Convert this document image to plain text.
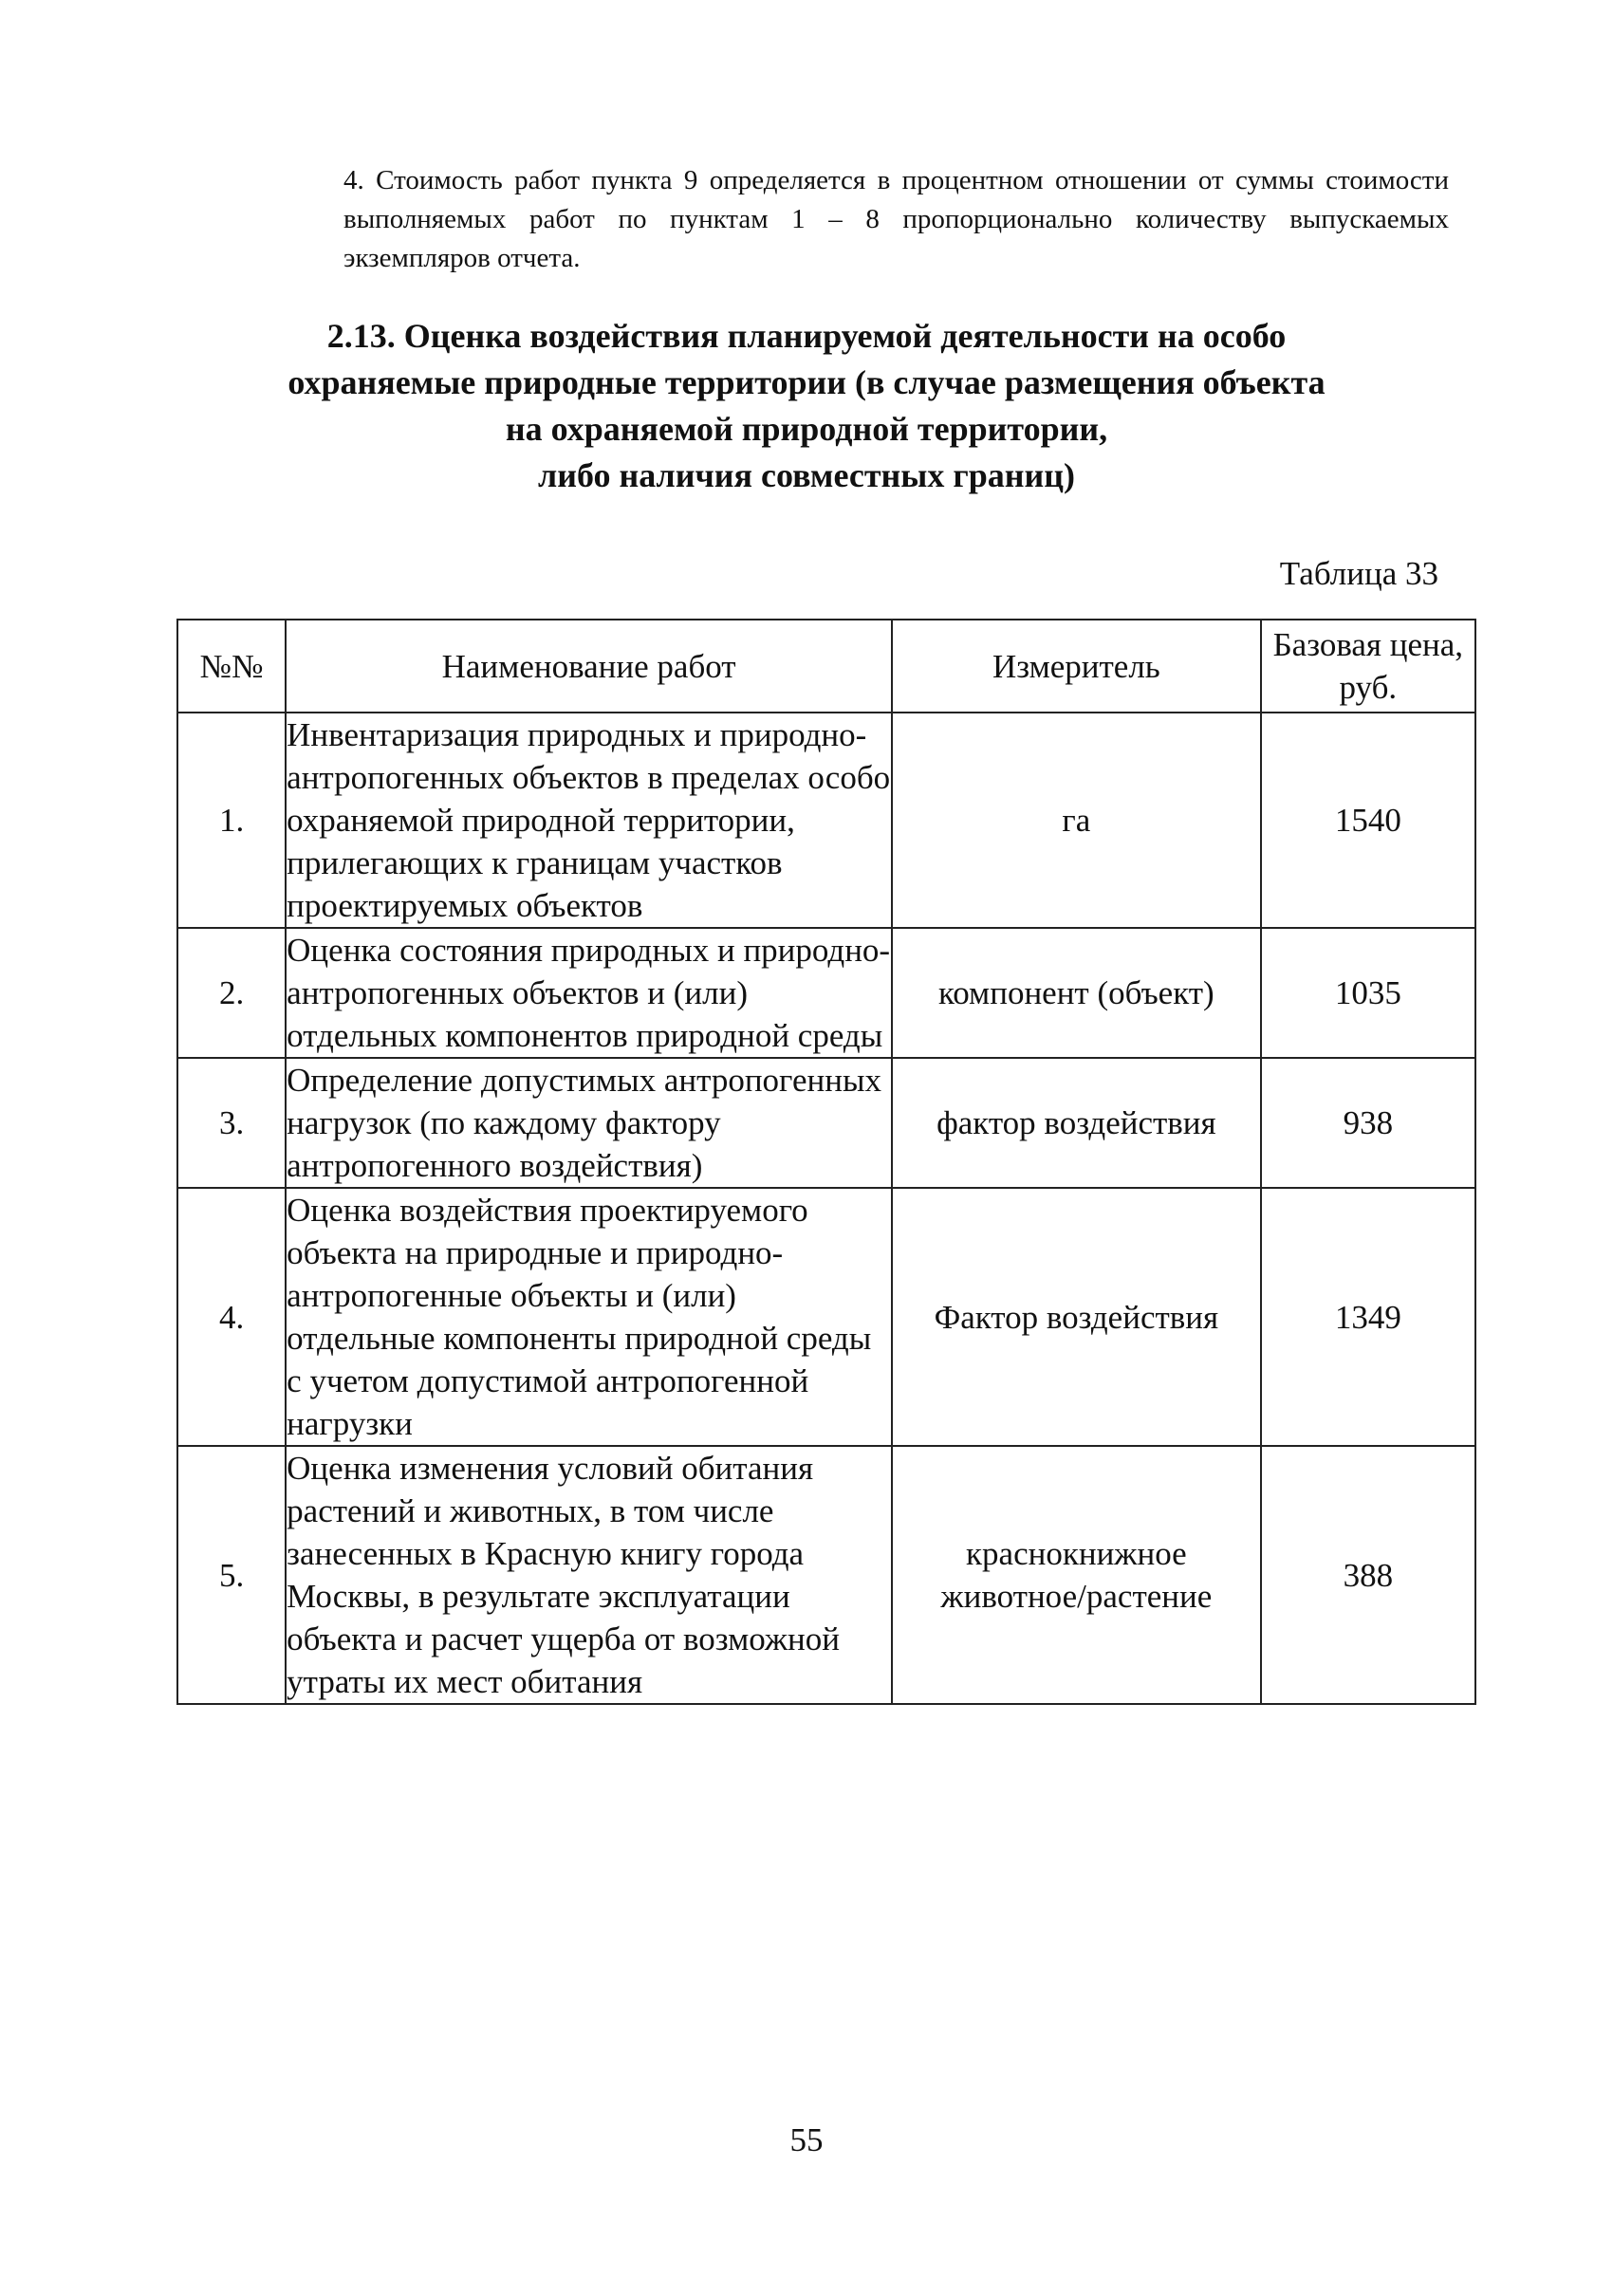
4. Стоимость работ пункта 9 определяется в процентном отношении от суммы стоимости выполняемых работ по пунктам 1 – 8 пропорционально количеству выпускаемых экземпляров отчета.

2.13. Оценка воздействия планируемой деятельности на особо
охраняемые природные территории (в случае размещения объекта
на охраняемой природной территории,
либо наличия совместных границ)
Таблица 33
№№	Наименование работ	Измеритель	Базовая цена, руб.
1.	Инвентаризация природных и природно-антропогенных объектов в пределах особо охраняемой природной территории, прилегающих к границам участков проектируемых объектов	га	1540
2.	Оценка состояния природных и природно-антропогенных объектов и (или) отдельных компонентов природной среды	компонент (объект)	1035
3.	Определение допустимых антропогенных нагрузок (по каждому фактору антропогенного воздействия)	фактор воздействия	938
4.	Оценка воздействия проектируемого объекта на природные и природно-антропогенные объекты и (или) отдельные компоненты природной среды с учетом допустимой антропогенной нагрузки	Фактор воздействия	1349
5.	Оценка изменения условий обитания растений и животных, в том числе занесенных в Красную книгу города Москвы, в результате эксплуатации объекта и расчет ущерба от возможной утраты их мест обитания	краснокнижное животное/растение	388
55
